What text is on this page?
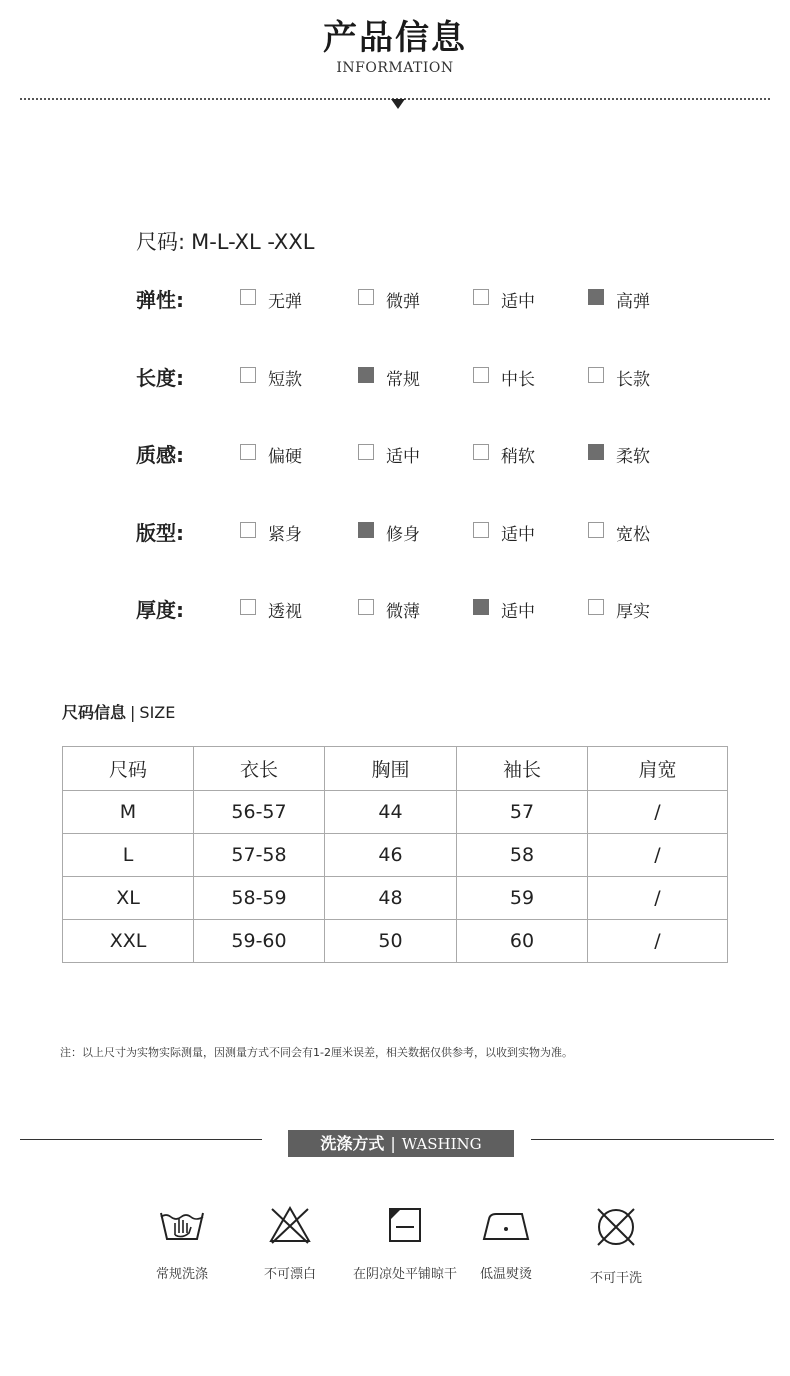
产品信息
INFORMATION
尺码: M-L-XL -XXL
弹性:	无弹	微弹	适中	高弹
长度:	短款	常规	中长	长款
质感:	偏硬	适中	稍软	柔软
版型:	紧身	修身	适中	宽松
厚度:	透视	微薄	适中	厚实
尺码信息 | SIZE
尺码	衣长	胸围	袖长	肩宽
M	56-57	44	57	/
L	57-58	46	58	/
XL	58-59	48	59	/
XXL	59-60	50	60	/
注：以上尺寸为实物实际测量，因测量方式不同会有1-2厘米误差，相关数据仅供参考，以收到实物为准。
洗涤方式 | WASHING
常规洗涤	不可漂白	在阴凉处平铺晾干	低温熨烫	不可干洗
